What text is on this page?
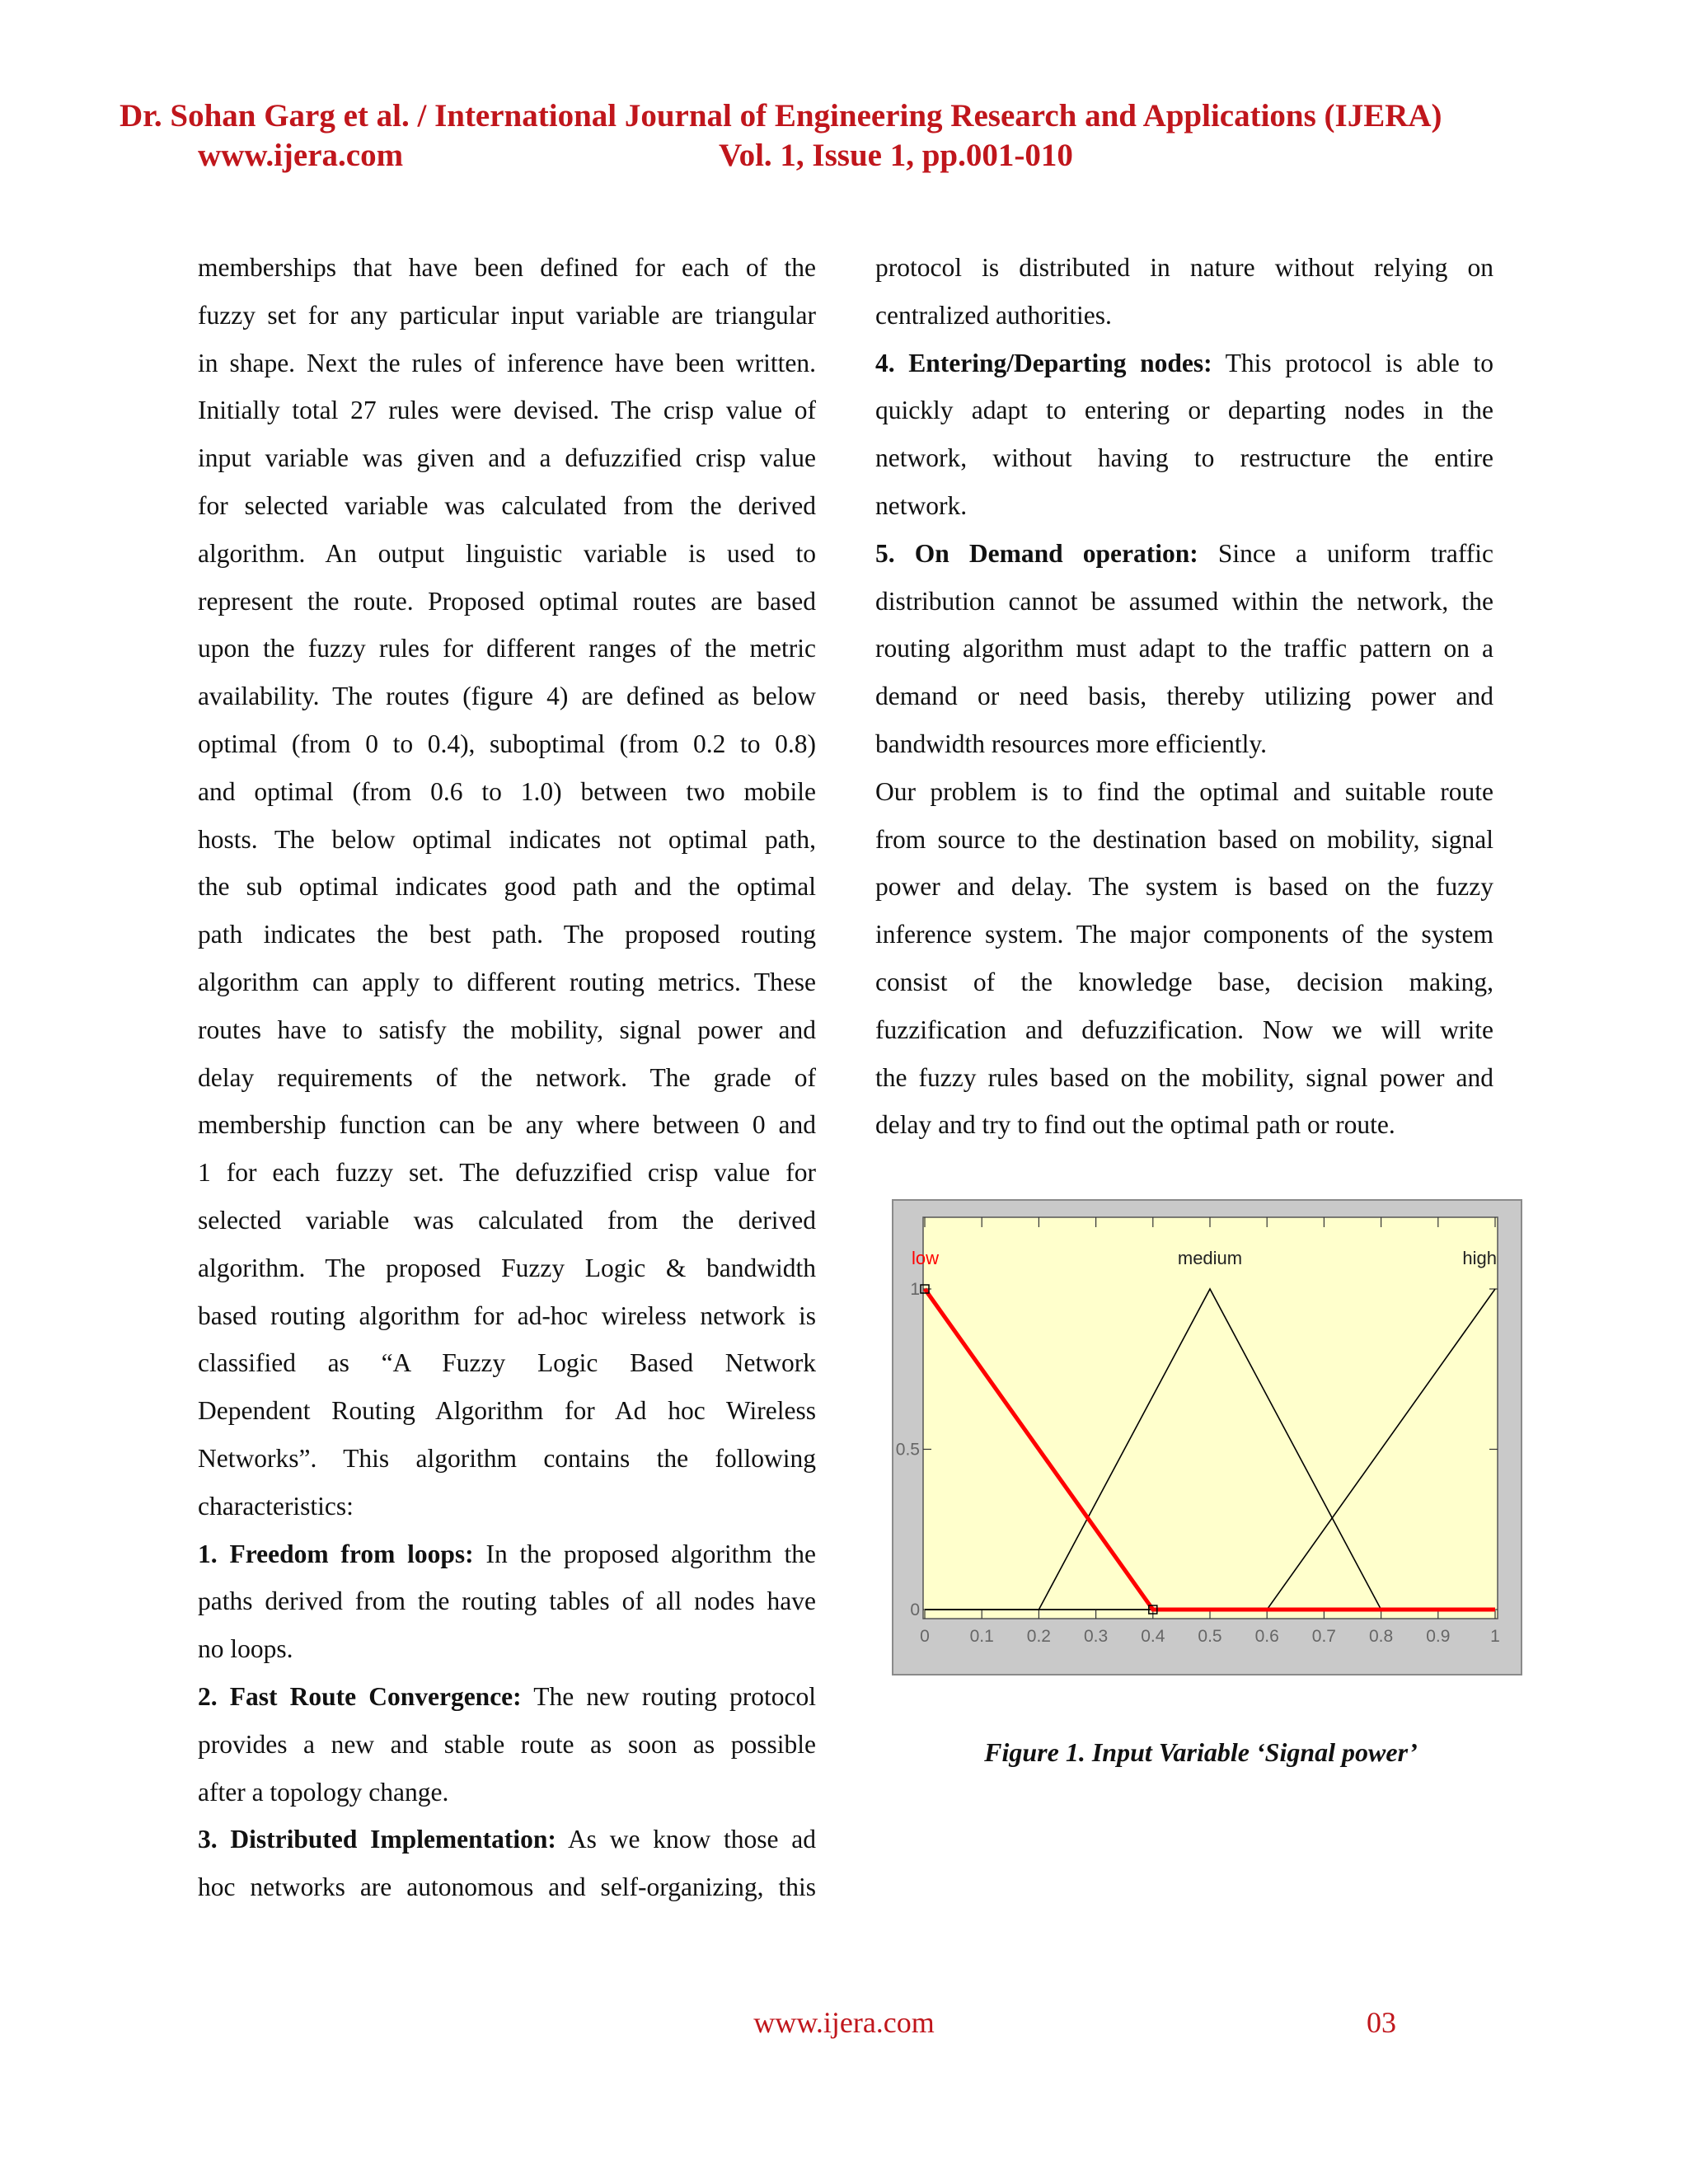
Dr. Sohan Garg et al. / International Journal of Engineering Research and Applications (IJERA)
www.ijera.com	Vol. 1, Issue 1, pp.001-010

memberships that have been defined for each of the

fuzzy set for any particular input variable are triangular

in shape. Next the rules of inference have been written.

Initially total 27 rules were devised. The crisp value of

input variable was given and a defuzzified crisp value

for selected variable was calculated from the derived

algorithm. An output linguistic variable is used to

represent the route. Proposed optimal routes are based

upon the fuzzy rules for different ranges of the metric

availability. The routes (figure 4) are defined as below

optimal (from 0 to 0.4), suboptimal (from 0.2 to 0.8)

and optimal (from 0.6 to 1.0) between two mobile

hosts. The below optimal indicates not optimal path,

the sub optimal indicates good path and the optimal

path indicates the best path. The proposed routing

algorithm can apply to different routing metrics. These

routes have to satisfy the mobility, signal power and

delay requirements of the network. The grade of

membership function can be any where between 0 and

1 for each fuzzy set. The defuzzified crisp value for

selected variable was calculated from the derived

algorithm. The proposed Fuzzy Logic & bandwidth

based routing algorithm for ad-hoc wireless network is

classified as “A Fuzzy Logic Based Network

Dependent Routing Algorithm for Ad hoc Wireless

Networks”. This algorithm contains the following

characteristics:

1. Freedom from loops: In the proposed algorithm the

paths derived from the routing tables of all nodes have

no loops.

2. Fast Route Convergence: The new routing protocol

provides a new and stable route as soon as possible

after a topology change.

3. Distributed Implementation: As we know those ad

hoc networks are autonomous and self-organizing, this

protocol is distributed in nature without relying on

centralized authorities.

4. Entering/Departing nodes: This protocol is able to

quickly adapt to entering or departing nodes in the

network, without having to restructure the entire

network.

5. On Demand operation: Since a uniform traffic

distribution cannot be assumed within the network, the

routing algorithm must adapt to the traffic pattern on a

demand or need basis, thereby utilizing power and

bandwidth resources more efficiently.

Our problem is to find the optimal and suitable route

from source to the destination based on mobility, signal

power and delay. The system is based on the fuzzy

inference system. The major components of the system

consist of the knowledge base, decision making,

fuzzification and defuzzification. Now we will write

the fuzzy rules based on the mobility, signal power and

delay and try to find out the optimal path or route.

0 0.1 0.2 0.3 0.4 0.5 0.6 0.7 0.8 0.9 1
0
0.5
1
low	medium	high
Figure 1. Input Variable ‘Signal power’
www.ijera.com	03
